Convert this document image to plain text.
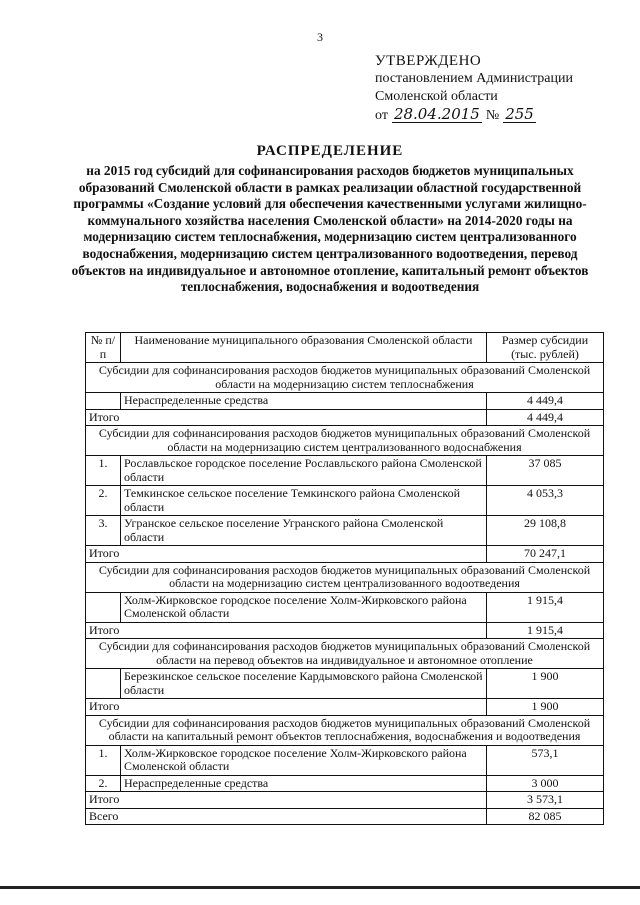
3
УТВЕРЖДЕНО
постановлением Администрации
Смоленской области
от 28.04.2015 № 255
РАСПРЕДЕЛЕНИЕ
на 2015 год субсидий для софинансирования расходов бюджетов муниципальных образований Смоленской области в рамках реализации областной государственной программы «Создание условий для обеспечения качественными услугами жилищно-коммунального хозяйства населения Смоленской области» на 2014-2020 годы на модернизацию систем теплоснабжения, модернизацию систем централизованного водоснабжения, модернизацию систем централизованного водоотведения, перевод объектов на индивидуальное и автономное отопление, капитальный ремонт объектов теплоснабжения, водоснабжения и водоотведения
№ п/п	Наименование муниципального образования Смоленской области	Размер субсидии (тыс. рублей)
Субсидии для софинансирования расходов бюджетов муниципальных образований Смоленской области на модернизацию систем теплоснабжения		
	Нераспределенные средства	4 449,4
Итого		4 449,4
Субсидии для софинансирования расходов бюджетов муниципальных образований Смоленской области на модернизацию систем централизованного водоснабжения		
1.	Рославльское городское поселение Рославльского района Смоленской области	37 085
2.	Темкинское сельское поселение Темкинского района Смоленской области	4 053,3
3.	Угранское сельское поселение Угранского района Смоленской области	29 108,8
Итого		70 247,1
Субсидии для софинансирования расходов бюджетов муниципальных образований Смоленской области на модернизацию систем централизованного водоотведения		
	Холм-Жирковское городское поселение Холм-Жирковского района Смоленской области	1 915,4
Итого		1 915,4
Субсидии для софинансирования расходов бюджетов муниципальных образований Смоленской области на перевод объектов на индивидуальное и автономное отопление		
	Березкинское сельское поселение Кардымовского района Смоленской области	1 900
Итого		1 900
Субсидии для софинансирования расходов бюджетов муниципальных образований Смоленской области на капитальный ремонт объектов теплоснабжения, водоснабжения и водоотведения		
1.	Холм-Жирковское городское поселение Холм-Жирковского района Смоленской области	573,1
2.	Нераспределенные средства	3 000
Итого		3 573,1
Всего		82 085
